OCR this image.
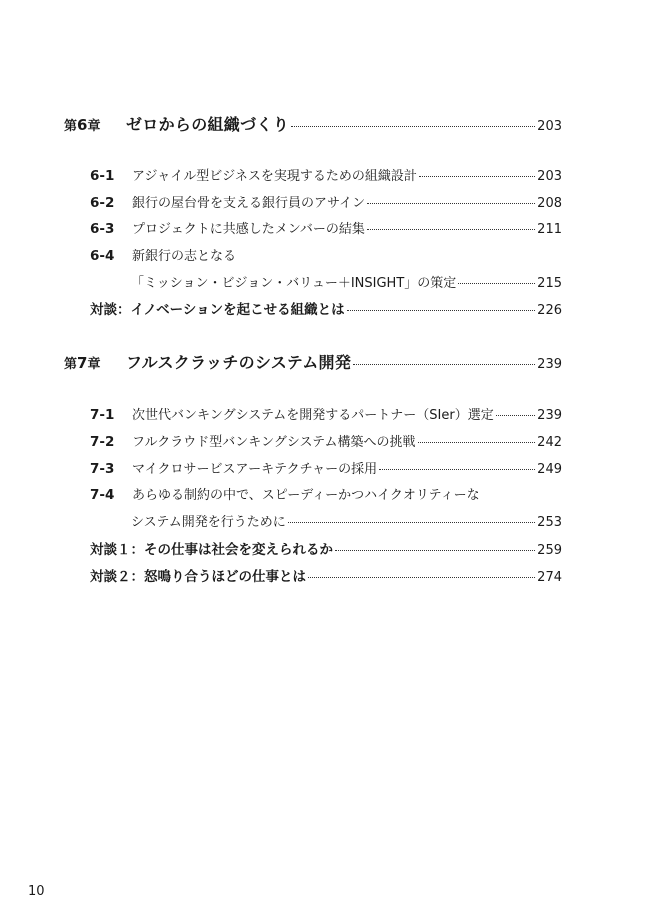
第6章	ゼロからの組織づくり	203
6-1	アジャイル型ビジネスを実現するための組織設計	203
6-2	銀行の屋台骨を支える銀行員のアサイン	208
6-3	プロジェクトに共感したメンバーの結集	211
6-4	新銀行の志となる
「ミッション・ビジョン・バリュー＋INSIGHT」の策定	215
対談：イノベーションを起こせる組織とは	226
第7章	フルスクラッチのシステム開発	239
7-1	次世代バンキングシステムを開発するパートナー（SIer）選定	239
7-2	フルクラウド型バンキングシステム構築への挑戦	242
7-3	マイクロサービスアーキテクチャーの採用	249
7-4	あらゆる制約の中で、スピーディーかつハイクオリティーな
システム開発を行うために	253
対談１：その仕事は社会を変えられるか	259
対談２：怒鳴り合うほどの仕事とは	274
10
